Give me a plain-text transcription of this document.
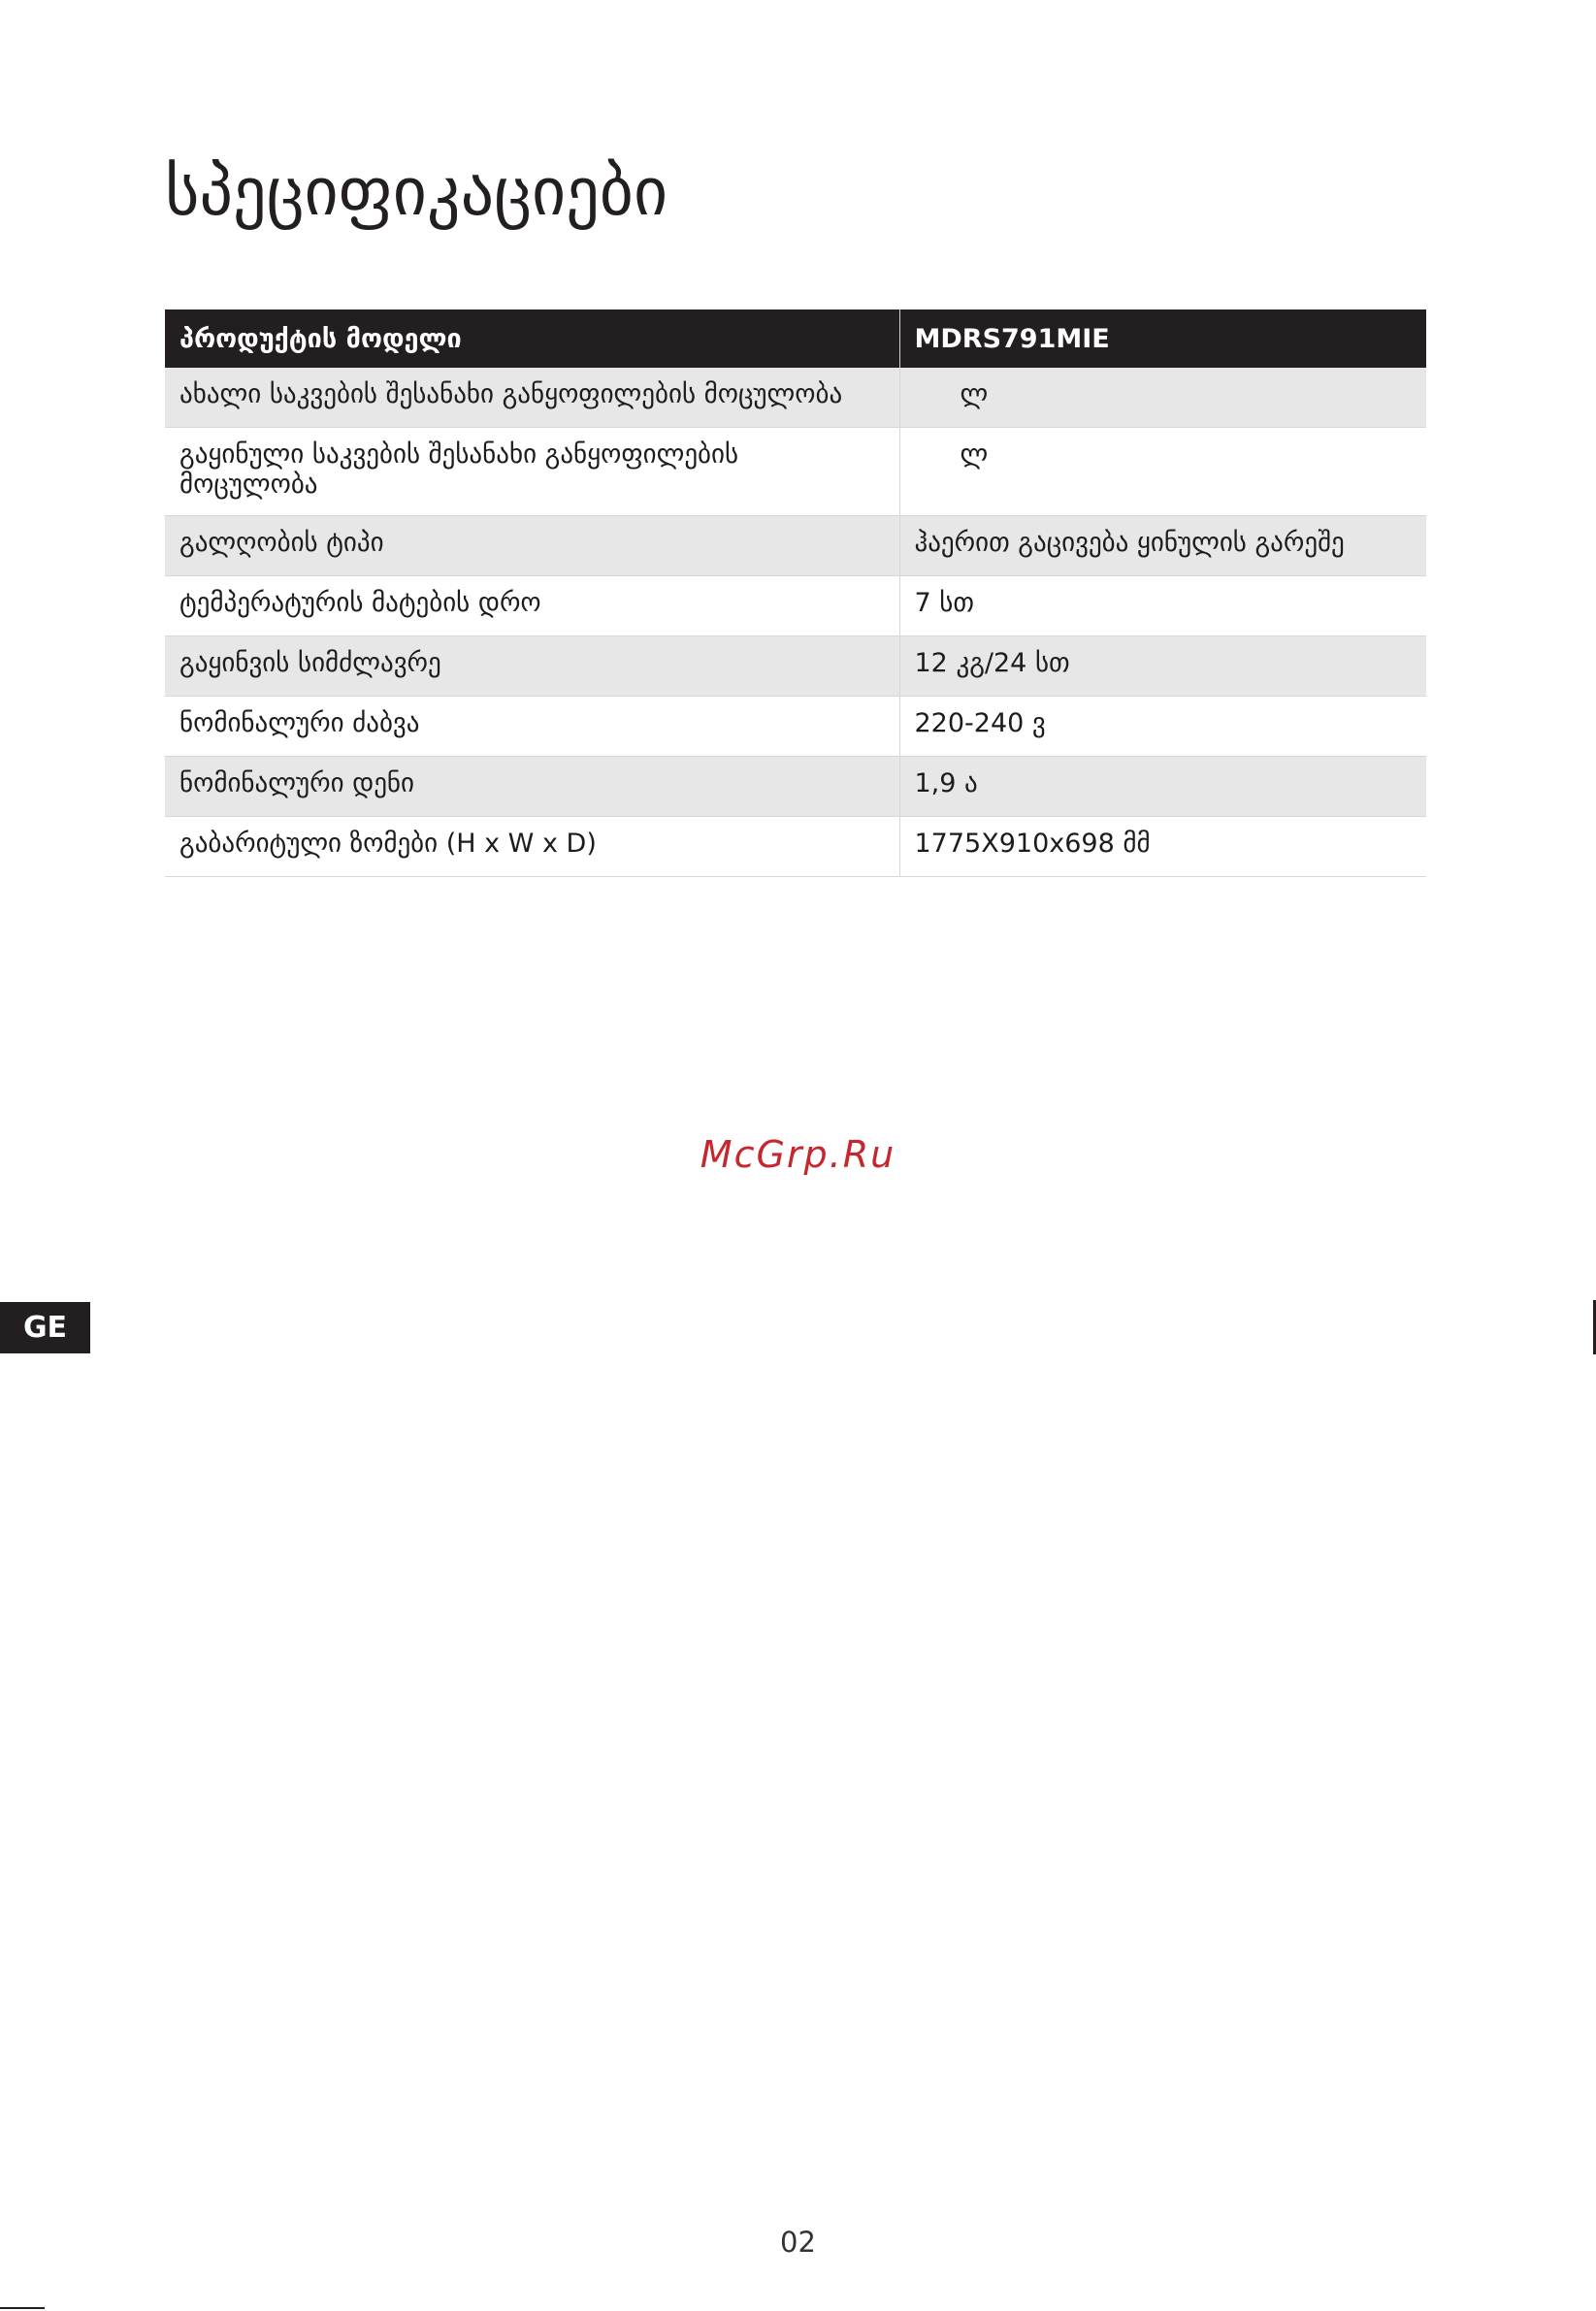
სპეციფიკაციები
პროდუქტის მოდელი	MDRS791MIE
ახალი საკვების შესანახი განყოფილების მოცულობა	ლ
გაყინული საკვების შესანახი განყოფილების მოცულობა	ლ
გალღობის ტიპი	ჰაერით გაცივება ყინულის გარეშე
ტემპერატურის მატების დრო	7 სთ
გაყინვის სიმძლავრე	12 კგ/24 სთ
ნომინალური ძაბვა	220-240 ვ
ნომინალური დენი	1,9 ა
გაბარიტული ზომები (H x W x D)	1775X910x698 მმ
McGrp.Ru
GE
02
